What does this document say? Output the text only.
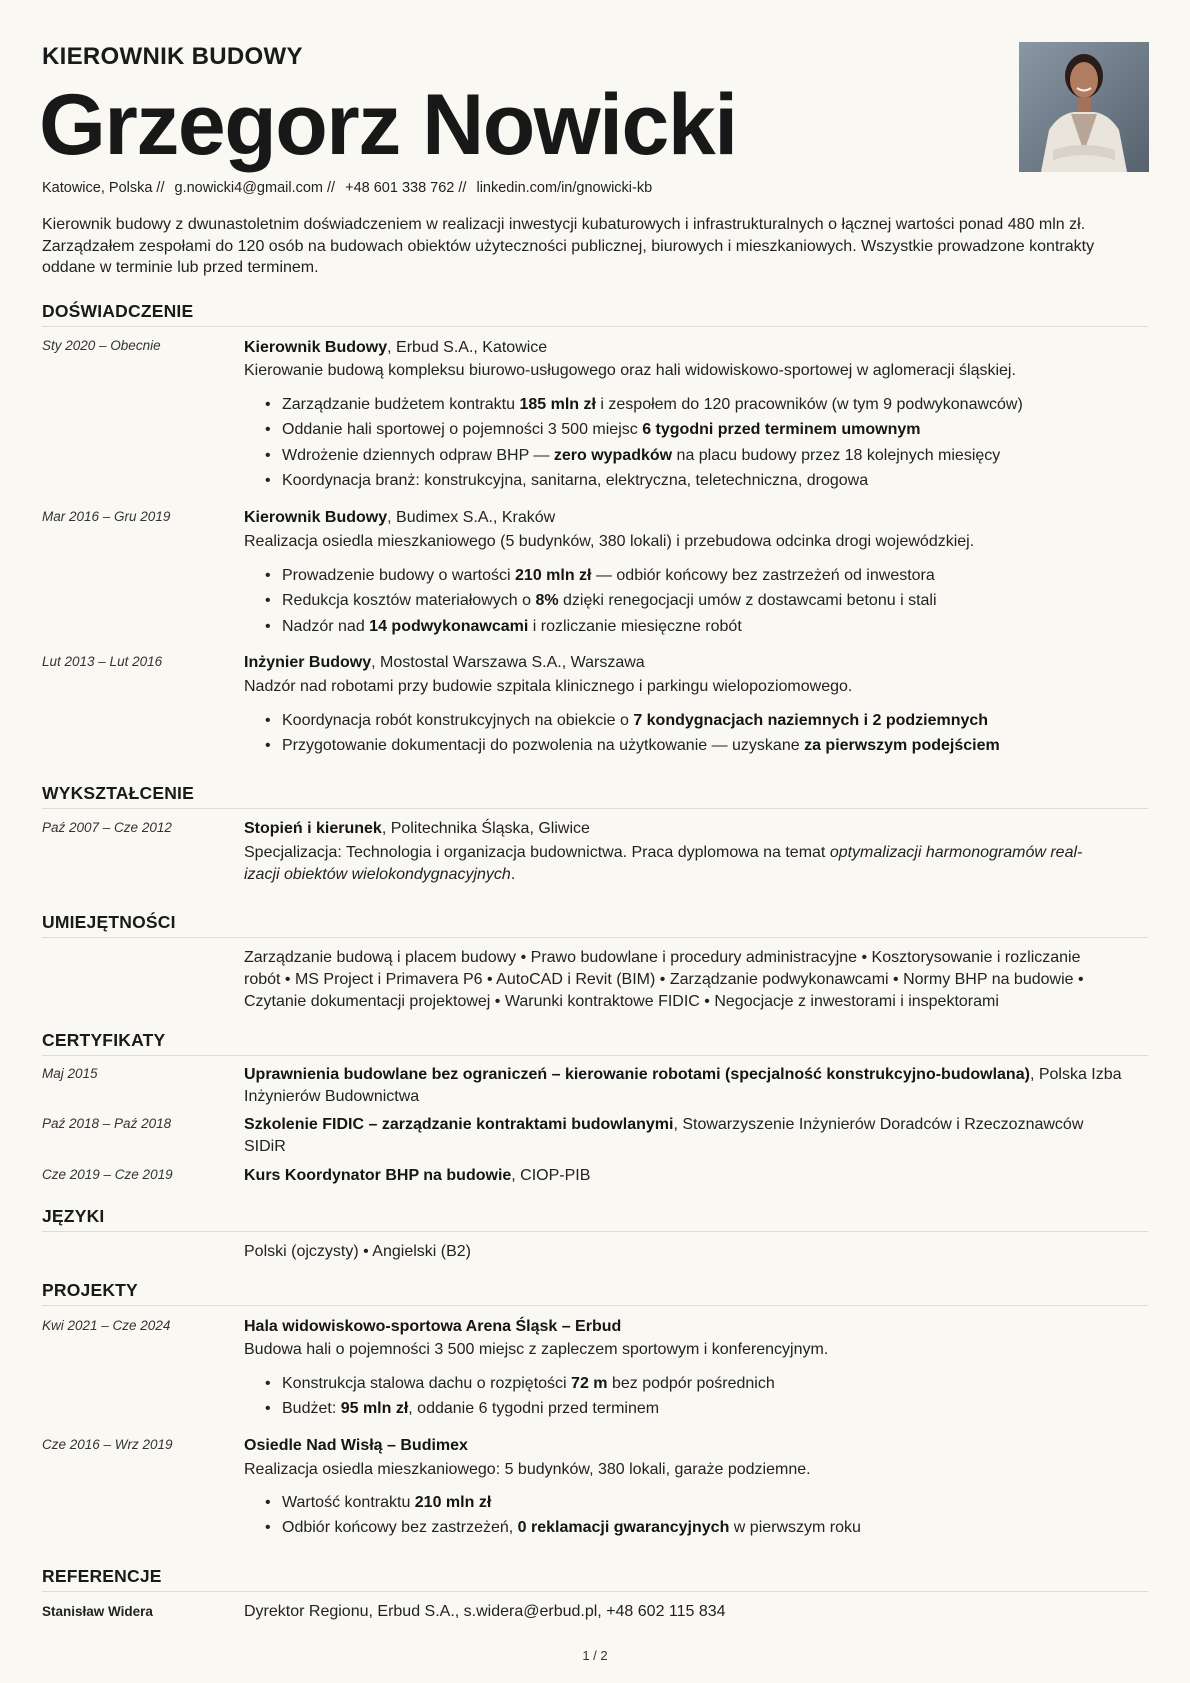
KIEROWNIK BUDOWY
Grzegorz Nowicki
Katowice, Polska // g.nowicki4@gmail.com // +48 601 338 762 // linkedin.com/in/gnowicki-kb
Kierownik budowy z dwunastoletnim doświadczeniem w realizacji inwestycji kubaturowych i infrastrukturalnych o łącznej wartości ponad 480 mln zł. Zarządzałem zespołami do 120 osób na budowach obiektów użyteczności publicznej, biurowych i mieszkaniowych. Wszystkie prowadzone kontrakty oddane w terminie lub przed terminem.
DOŚWIADCZENIE
Sty 2020 – Obecnie	Kierownik Budowy, Erbud S.A., Katowice
Kierowanie budową kompleksu biurowo-usługowego oraz hali widowiskowo-sportowej w aglomeracji śląskiej.
• Zarządzanie budżetem kontraktu 185 mln zł i zespołem do 120 pracowników (w tym 9 podwykonawców)
• Oddanie hali sportowej o pojemności 3 500 miejsc 6 tygodni przed terminem umownym
• Wdrożenie dziennych odpraw BHP — zero wypadków na placu budowy przez 18 kolejnych miesięcy
• Koordynacja branż: konstrukcyjna, sanitarna, elektryczna, teletechniczna, drogowa
Mar 2016 – Gru 2019	Kierownik Budowy, Budimex S.A., Kraków
Realizacja osiedla mieszkaniowego (5 budynków, 380 lokali) i przebudowa odcinka drogi wojewódzkiej.
• Prowadzenie budowy o wartości 210 mln zł — odbiór końcowy bez zastrzeżeń od inwestora
• Redukcja kosztów materiałowych o 8% dzięki renegocjacji umów z dostawcami betonu i stali
• Nadzór nad 14 podwykonawcami i rozliczanie miesięczne robót
Lut 2013 – Lut 2016	Inżynier Budowy, Mostostal Warszawa S.A., Warszawa
Nadzór nad robotami przy budowie szpitala klinicznego i parkingu wielopoziomowego.
• Koordynacja robót konstrukcyjnych na obiekcie o 7 kondygnacjach naziemnych i 2 podziemnych
• Przygotowanie dokumentacji do pozwolenia na użytkowanie — uzyskane za pierwszym podejściem
WYKSZTAŁCENIE
Paź 2007 – Cze 2012	Stopień i kierunek, Politechnika Śląska, Gliwice
Specjalizacja: Technologia i organizacja budownictwa. Praca dyplomowa na temat optymalizacji harmonogramów real-
izacji obiektów wielokondygnacyjnych.
UMIEJĘTNOŚCI
Zarządzanie budową i placem budowy • Prawo budowlane i procedury administracyjne • Kosztorysowanie i rozliczanie
robót • MS Project i Primavera P6 • AutoCAD i Revit (BIM) • Zarządzanie podwykonawcami • Normy BHP na budowie •
Czytanie dokumentacji projektowej • Warunki kontraktowe FIDIC • Negocjacje z inwestorami i inspektorami
CERTYFIKATY
Maj 2015	Uprawnienia budowlane bez ograniczeń – kierowanie robotami (specjalność konstrukcyjno-budowlana), Polska Izba
Inżynierów Budownictwa
Paź 2018 – Paź 2018	Szkolenie FIDIC – zarządzanie kontraktami budowlanymi, Stowarzyszenie Inżynierów Doradców i Rzeczoznawców
SIDiR
Cze 2019 – Cze 2019	Kurs Koordynator BHP na budowie, CIOP-PIB
JĘZYKI
Polski (ojczysty) • Angielski (B2)
PROJEKTY
Kwi 2021 – Cze 2024	Hala widowiskowo-sportowa Arena Śląsk – Erbud
Budowa hali o pojemności 3 500 miejsc z zapleczem sportowym i konferencyjnym.
• Konstrukcja stalowa dachu o rozpiętości 72 m bez podpór pośrednich
• Budżet: 95 mln zł, oddanie 6 tygodni przed terminem
Cze 2016 – Wrz 2019	Osiedle Nad Wisłą – Budimex
Realizacja osiedla mieszkaniowego: 5 budynków, 380 lokali, garaże podziemne.
• Wartość kontraktu 210 mln zł
• Odbiór końcowy bez zastrzeżeń, 0 reklamacji gwarancyjnych w pierwszym roku
REFERENCJE
Stanisław Widera	Dyrektor Regionu, Erbud S.A., s.widera@erbud.pl, +48 602 115 834
1 / 2
